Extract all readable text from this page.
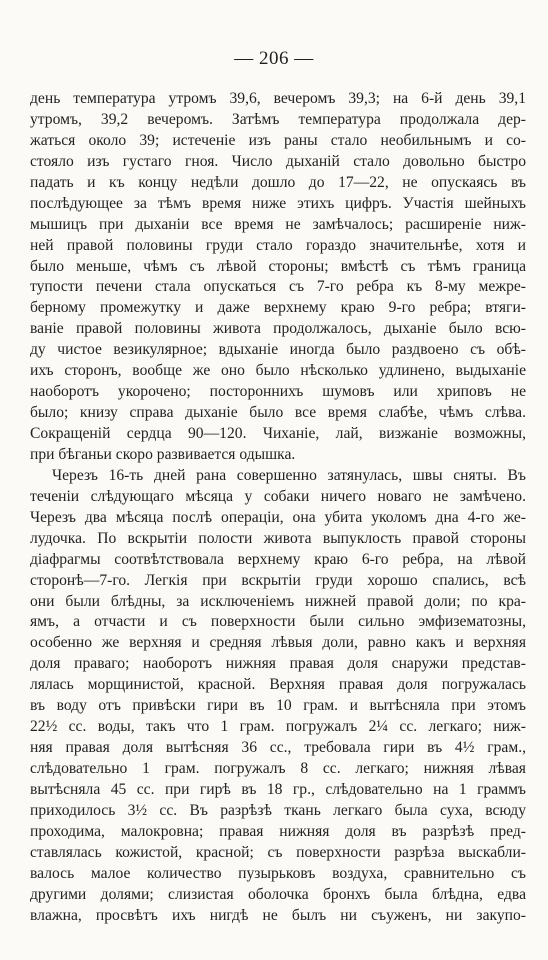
— 206 —
день температура утромъ 39,6, вечеромъ 39,3; на 6-й день 39,1
утромъ, 39,2 вечеромъ. Затѣмъ температура продолжала дер-
жаться около 39; истеченіе изъ раны стало необильнымъ и со-
стояло изъ густаго гноя. Число дыханій стало довольно быстро
падать и къ концу недѣли дошло до 17—22, не опускаясь въ
послѣдующее за тѣмъ время ниже этихъ цифръ. Участія шейныхъ
мышицъ при дыханіи все время не замѣчалось; расширеніе ниж-
ней правой половины груди стало гораздо значительнѣе, хотя и
было меньше, чѣмъ съ лѣвой стороны; вмѣстѣ съ тѣмъ граница
тупости печени стала опускаться съ 7-го ребра къ 8-му межре-
берному промежутку и даже верхнему краю 9-го ребра; втяги-
ваніе правой половины живота продолжалось, дыханіе было всю-
ду чистое везикулярное; вдыханіе иногда было раздвоено съ обѣ-
ихъ сторонъ, вообще же оно было нѣсколько удлинено, выдыханіе
наоборотъ укорочено; постороннихъ шумовъ или хриповъ не
было; книзу справа дыханіе было все время слабѣе, чѣмъ слѣва.
Сокращеній сердца 90—120. Чиханіе, лай, визжаніе возможны,
при бѣганьи скоро развивается одышка.
Черезъ 16-ть дней рана совершенно затянулась, швы сняты. Въ
теченіи слѣдующаго мѣсяца у собаки ничего новаго не замѣчено.
Черезъ два мѣсяца послѣ операціи, она убита уколомъ дна 4-го же-
лудочка. По вскрытіи полости живота выпуклость правой стороны
діафрагмы соотвѣтствовала верхнему краю 6-го ребра, на лѣвой
сторонѣ—7-го. Легкія при вскрытіи груди хорошо спались, всѣ
они были блѣдны, за исключеніемъ нижней правой доли; по кра-
ямъ, а отчасти и съ поверхности были сильно эмфизематозны,
особенно же верхняя и средняя лѣвыя доли, равно какъ и верхняя
доля праваго; наоборотъ нижняя правая доля снаружи представ-
лялась морщинистой, красной. Верхняя правая доля погружалась
въ воду отъ привѣски гири въ 10 грам. и вытѣсняла при этомъ
22½ сс. воды, такъ что 1 грам. погружалъ 2¼ сс. легкаго; ниж-
няя правая доля вытѣсняя 36 сс., требовала гири въ 4½ грам.,
слѣдовательно 1 грам. погружалъ 8 сс. легкаго; нижняя лѣвая
вытѣсняла 45 сс. при гирѣ въ 18 гр., слѣдовательно на 1 граммъ
приходилось 3½ сс. Въ разрѣзѣ ткань легкаго была суха, всюду
проходима, малокровна; правая нижняя доля въ разрѣзѣ пред-
ставлялась кожистой, красной; съ поверхности разрѣза выскабли-
валось малое количество пузырьковъ воздуха, сравнительно съ
другими долями; слизистая оболочка бронхъ была блѣдна, едва
влажна, просвѣтъ ихъ нигдѣ не былъ ни съуженъ, ни закупо-
